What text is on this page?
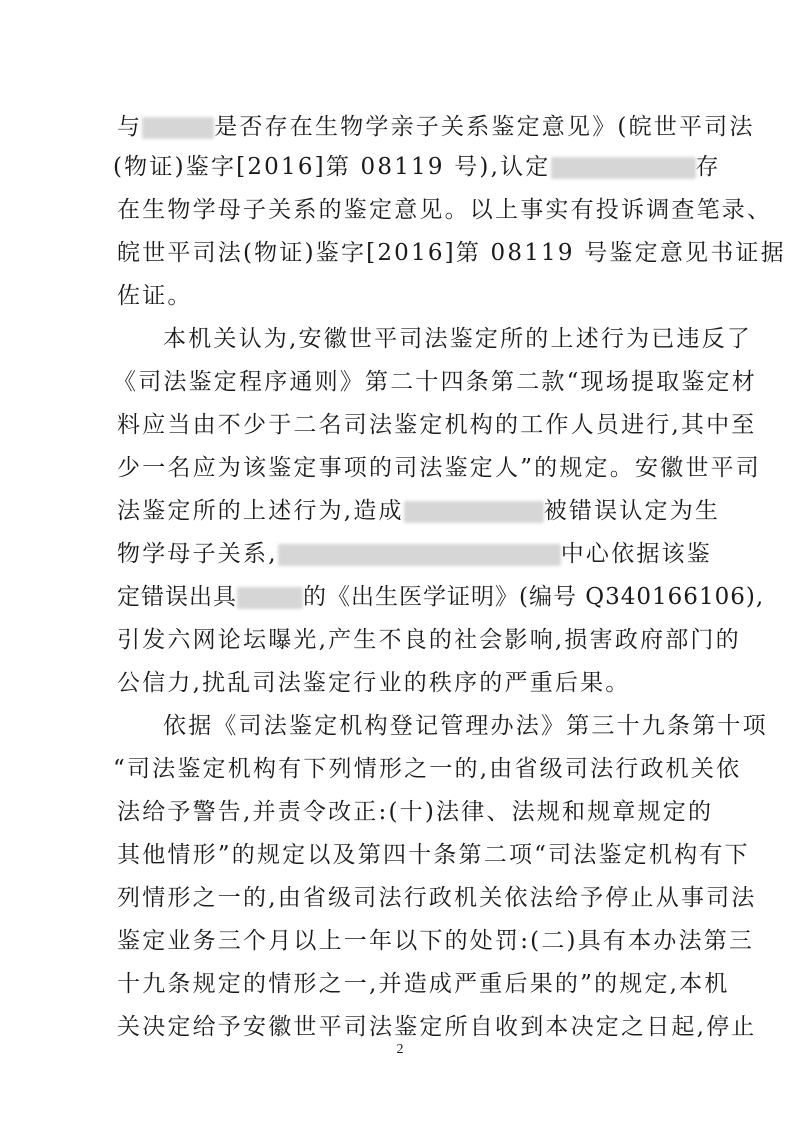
与	是否存在生物学亲子关系鉴定意见》(皖世平司法
(物证)鉴字[2016]第 08119 号),认定	存
在生物学母子关系的鉴定意见。以上事实有投诉调查笔录、
皖世平司法(物证)鉴字[2016]第 08119 号鉴定意见书证据
佐证。
本机关认为,安徽世平司法鉴定所的上述行为已违反了
《司法鉴定程序通则》第二十四条第二款“现场提取鉴定材
料应当由不少于二名司法鉴定机构的工作人员进行,其中至
少一名应为该鉴定事项的司法鉴定人”的规定。安徽世平司
法鉴定所的上述行为,造成	被错误认定为生
物学母子关系,	中心依据该鉴
定错误出具	的《出生医学证明》(编号 Q340166106),
引发六网论坛曝光,产生不良的社会影响,损害政府部门的
公信力,扰乱司法鉴定行业的秩序的严重后果。
依据《司法鉴定机构登记管理办法》第三十九条第十项
“司法鉴定机构有下列情形之一的,由省级司法行政机关依
法给予警告,并责令改正:(十)法律、法规和规章规定的
其他情形”的规定以及第四十条第二项“司法鉴定机构有下
列情形之一的,由省级司法行政机关依法给予停止从事司法
鉴定业务三个月以上一年以下的处罚:(二)具有本办法第三
十九条规定的情形之一,并造成严重后果的”的规定,本机
关决定给予安徽世平司法鉴定所自收到本决定之日起,停止
2
